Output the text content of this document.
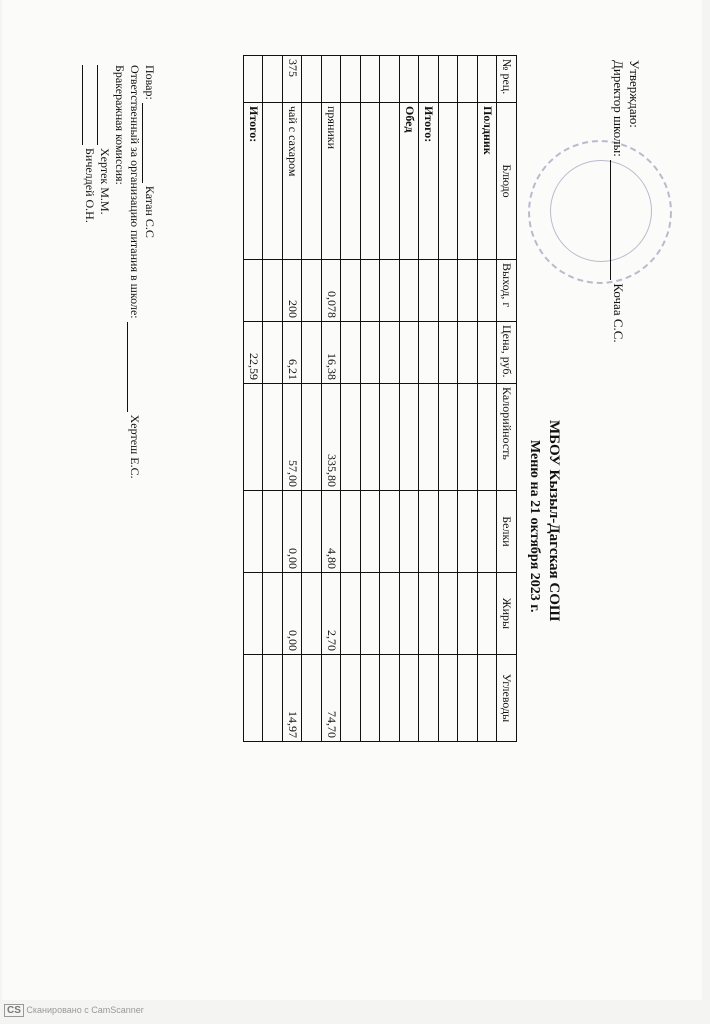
Утверждаю:
Директор школы:  Кочаа С.С.
МБОУ Кызыл-Дагская СОШ
Меню на 21 октября 2023 г.
№ рец.	Блюдо	Выход, г	Цена, руб.	Калорийность	Белки	Жиры	Углеводы
	Полдник						

	Итого:						
	Обед						

	пряники	0,078	16,38	335,80	4,80	2,70	74,70

375	чай с сахаром	200	6,21	57,00	0,00	0,00	14,97

	Итого:		22,59				
Повар:  Катан С.С
Ответственный за организацию питания в школе:  Хертеш Е.С.
Бракеражная комиссия:
Хертек М.М.
Бичелдей О.Н.
CS Сканировано с CamScanner
